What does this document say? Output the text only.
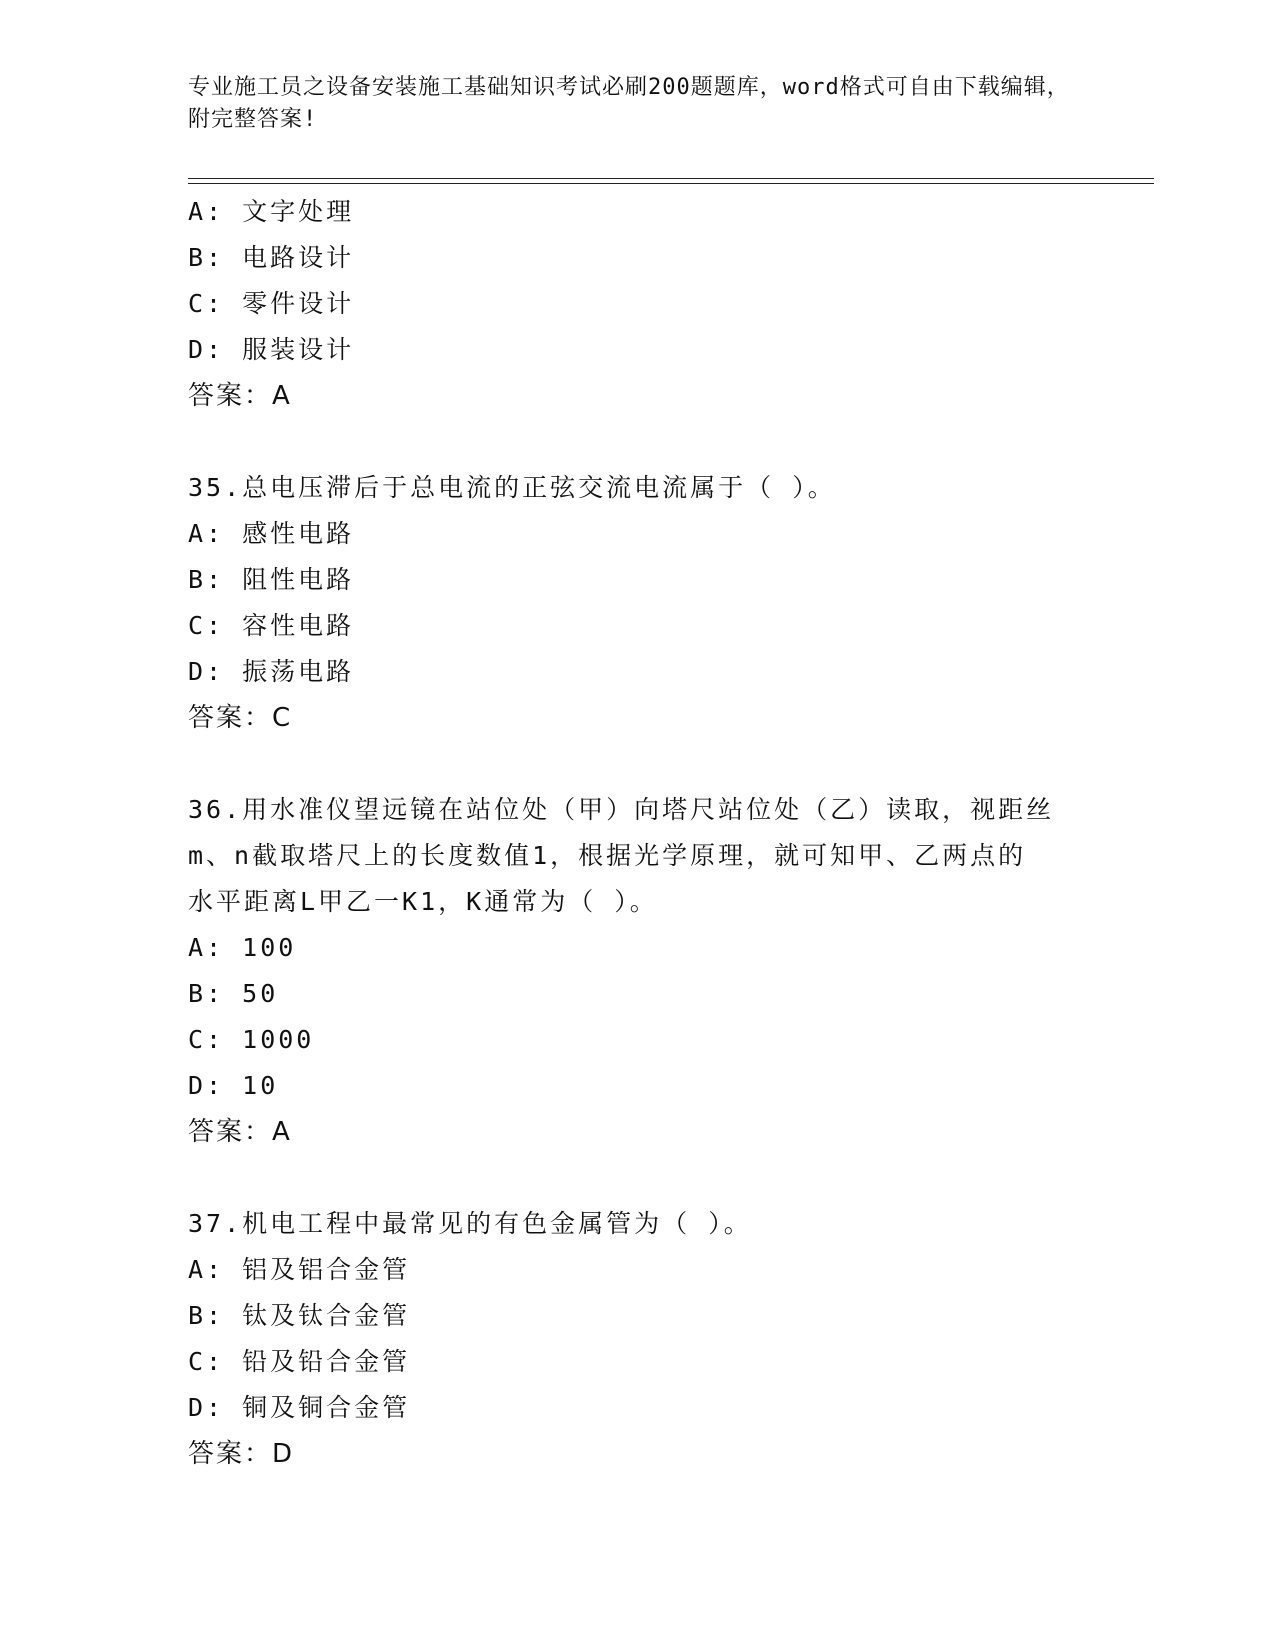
专业施工员之设备安装施工基础知识考试必刷200题题库，word格式可自由下载编辑，附完整答案!
A: 文字处理
B: 电路设计
C: 零件设计
D: 服装设计
答案：A
35.总电压滞后于总电流的正弦交流电流属于（ ）。
A: 感性电路
B: 阻性电路
C: 容性电路
D: 振荡电路
答案：C
36.用水准仪望远镜在站位处（甲）向塔尺站位处（乙）读取，视距丝
m、n截取塔尺上的长度数值1，根据光学原理，就可知甲、乙两点的
水平距离L甲乙一K1，K通常为（ ）。
A: 100
B: 50
C: 1000
D: 10
答案：A
37.机电工程中最常见的有色金属管为（ ）。
A: 铝及铝合金管
B: 钛及钛合金管
C: 铅及铅合金管
D: 铜及铜合金管
答案：D
